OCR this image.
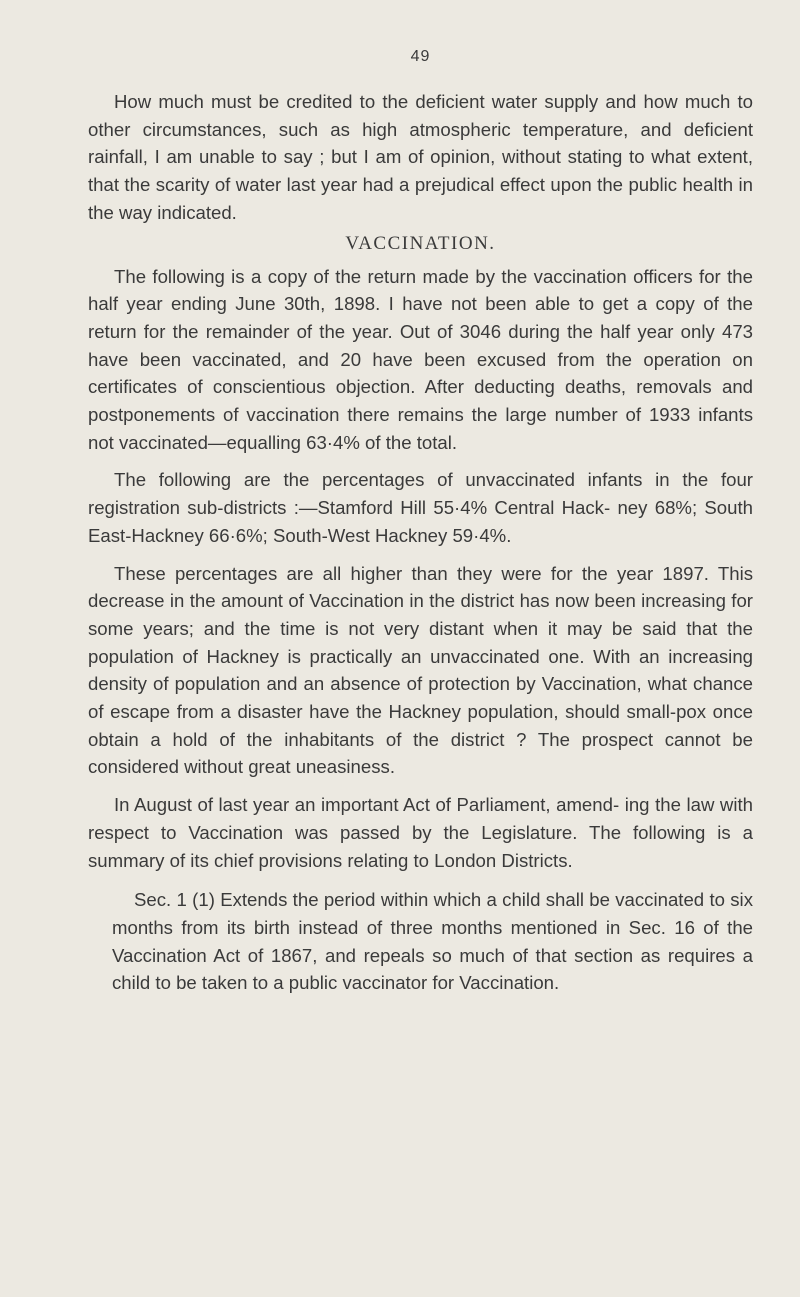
49

How much must be credited to the deficient water supply and how much to other circumstances, such as high atmospheric temperature, and deficient rainfall, I am unable to say ; but I am of opinion, without stating to what extent, that the scarity of water last year had a prejudical effect upon the public health in the way indicated.

VACCINATION.

The following is a copy of the return made by the vaccination officers for the half year ending June 30th, 1898. I have not been able to get a copy of the return for the remainder of the year. Out of 3046 during the half year only 473 have been vaccinated, and 20 have been excused from the operation on certificates of conscientious objection. After deducting deaths, removals and postponements of vaccination there remains the large number of 1933 infants not vaccinated—equalling 63·4% of the total.

The following are the percentages of unvaccinated infants in the four registration sub-districts :—Stamford Hill 55·4% Central Hack- ney 68%; South East-Hackney 66·6%; South-West Hackney 59·4%.

These percentages are all higher than they were for the year 1897. This decrease in the amount of Vaccination in the district has now been increasing for some years; and the time is not very distant when it may be said that the population of Hackney is practically an unvaccinated one. With an increasing density of population and an absence of protection by Vaccination, what chance of escape from a disaster have the Hackney population, should small-pox once obtain a hold of the inhabitants of the district ? The prospect cannot be considered without great uneasiness.

In August of last year an important Act of Parliament, amend- ing the law with respect to Vaccination was passed by the Legislature. The following is a summary of its chief provisions relating to London Districts.

Sec. 1 (1) Extends the period within which a child shall be vaccinated to six months from its birth instead of three months mentioned in Sec. 16 of the Vaccination Act of 1867, and repeals so much of that section as requires a child to be taken to a public vaccinator for Vaccination.
